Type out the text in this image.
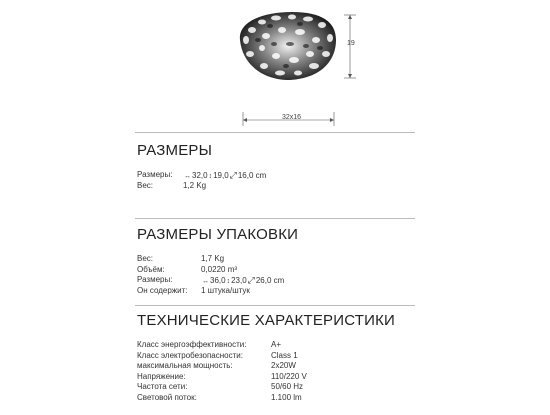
19
32x16
РАЗМЕРЫ
Размеры:	↔32,0↕19,0⤢16,0 cm
Вес:	1,2 Kg
РАЗМЕРЫ УПАКОВКИ
Вес:	1,7 Kg
Объём:	0,0220 m³
Размеры:	↔36,0↕23,0⤢26,0 cm
Он содержит:	1 штука/штук
ТЕХНИЧЕСКИЕ ХАРАКТЕРИСТИКИ
Класс энергоэффективности:	A+
Класс электробезопасности:	Class 1
максимальная мощность:	2x20W
Напряжение:	110/220 V
Частота сети:	50/60 Hz
Световой поток:	1.100 lm
